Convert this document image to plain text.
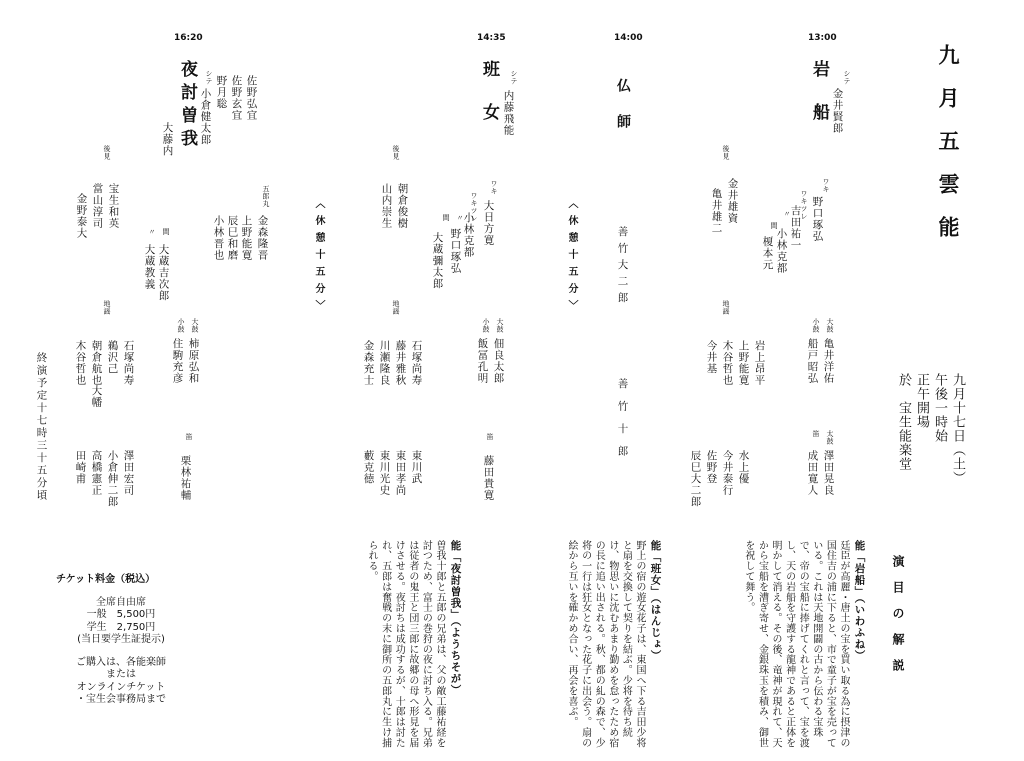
九月五雲能
九月十七日（土）
午後一時始
正午開場
於　宝生能楽堂
演目の解説
13:00
岩船 シテ
金井賢郎
ワキ
野口琢弘
ワキツレ
吉田祐一
〃
小林克都
間
榎本元
後見
金井雄資
亀井雄二
地謡
上野能寛
水上優
今井泰行
佐野登
岩上昂平
木谷哲也
今井基
辰巳大二郎
大鼓
亀井洋佑
小鼓
船戸昭弘
太鼓
澤田晃良
笛
成田寛人
14:00
仏師
善竹大二郎
善竹十郎
14:35
班女 シテ
内藤飛能
ワキ
大日方寛
ワキツレ
小林克都
〃
野口琢弘
間
大蔵彌太郎
後見
朝倉俊樹
山内崇生
地謡
石塚尚寿
藤井雅秋
川瀬隆良
金森充士
東川武
東田孝尚
東川光史
藪克徳
大鼓
佃良太郎
小鼓
飯冨孔明
笛
藤田貴寛
16:20
夜討曽我 シテ
小倉健太郎	佐野弘宜
佐野玄宜
野月聡
五郎丸
金森隆晋
上野能寛
辰巳和磨
小林晋也
大藤内
間
大蔵吉次郎
〃
大蔵教義
後見
宝生和英
當山淳司
金野泰大
地謡
石塚尚寿
鵜沢己
朝倉航也
木谷哲也
大幡
澤田宏司
小倉伸二郎
高橋憲正
田崎甫
大鼓
柿原弘和
小鼓
住駒充彦
笛
栗林祐輔
〈休憩十五分〉
〈休憩十五分〉
終演予定十七時三十五分頃
能「岩船」（いわふね）
廷臣が高麗・唐土の宝を買い取る為に摂津の国住吉の浦に下ると、市で童子が宝を売っている。これは天地開闢の古から伝わる宝珠で、帝の宝船に捧げてくれと言って、宝を渡し、天の岩船を守護する龍神であると正体を明かして消える。その後、竜神が現れて、天から宝船を漕ぎ寄せ、金銀珠玉を積み、御世を祝して舞う。
能「班女」（はんじょ）
野上の宿の遊女花子は、東国へ下る吉田少将と扇を交換して契りを結ぶ。少将を待ち続け、物思いに沈むあまり勤めを怠ったため宿の長に追い出される。秋、都の糺の森で、少将の一行は狂女となった花子に出会う。扇の絵から互いを確かめ合い、再会を喜ぶ。
能「夜討曽我」（ようちそが）
曽我十郎と五郎の兄弟は、父の敵工藤祐経を討つため、富士の巻狩の夜に討ち入る。兄弟は従者の鬼王と団三郎に故郷の母へ形見を届けさせる。夜討ちは成功するが、十郎は討たれ、五郎は奮戦の末に御所の五郎丸に生け捕られる。
チケット料金（税込）
全席自由席
一般　5,500円
学生　2,750円
(当日要学生証提示)
ご購入は、各能楽師
または
オンラインチケット
・宝生会事務局まで
